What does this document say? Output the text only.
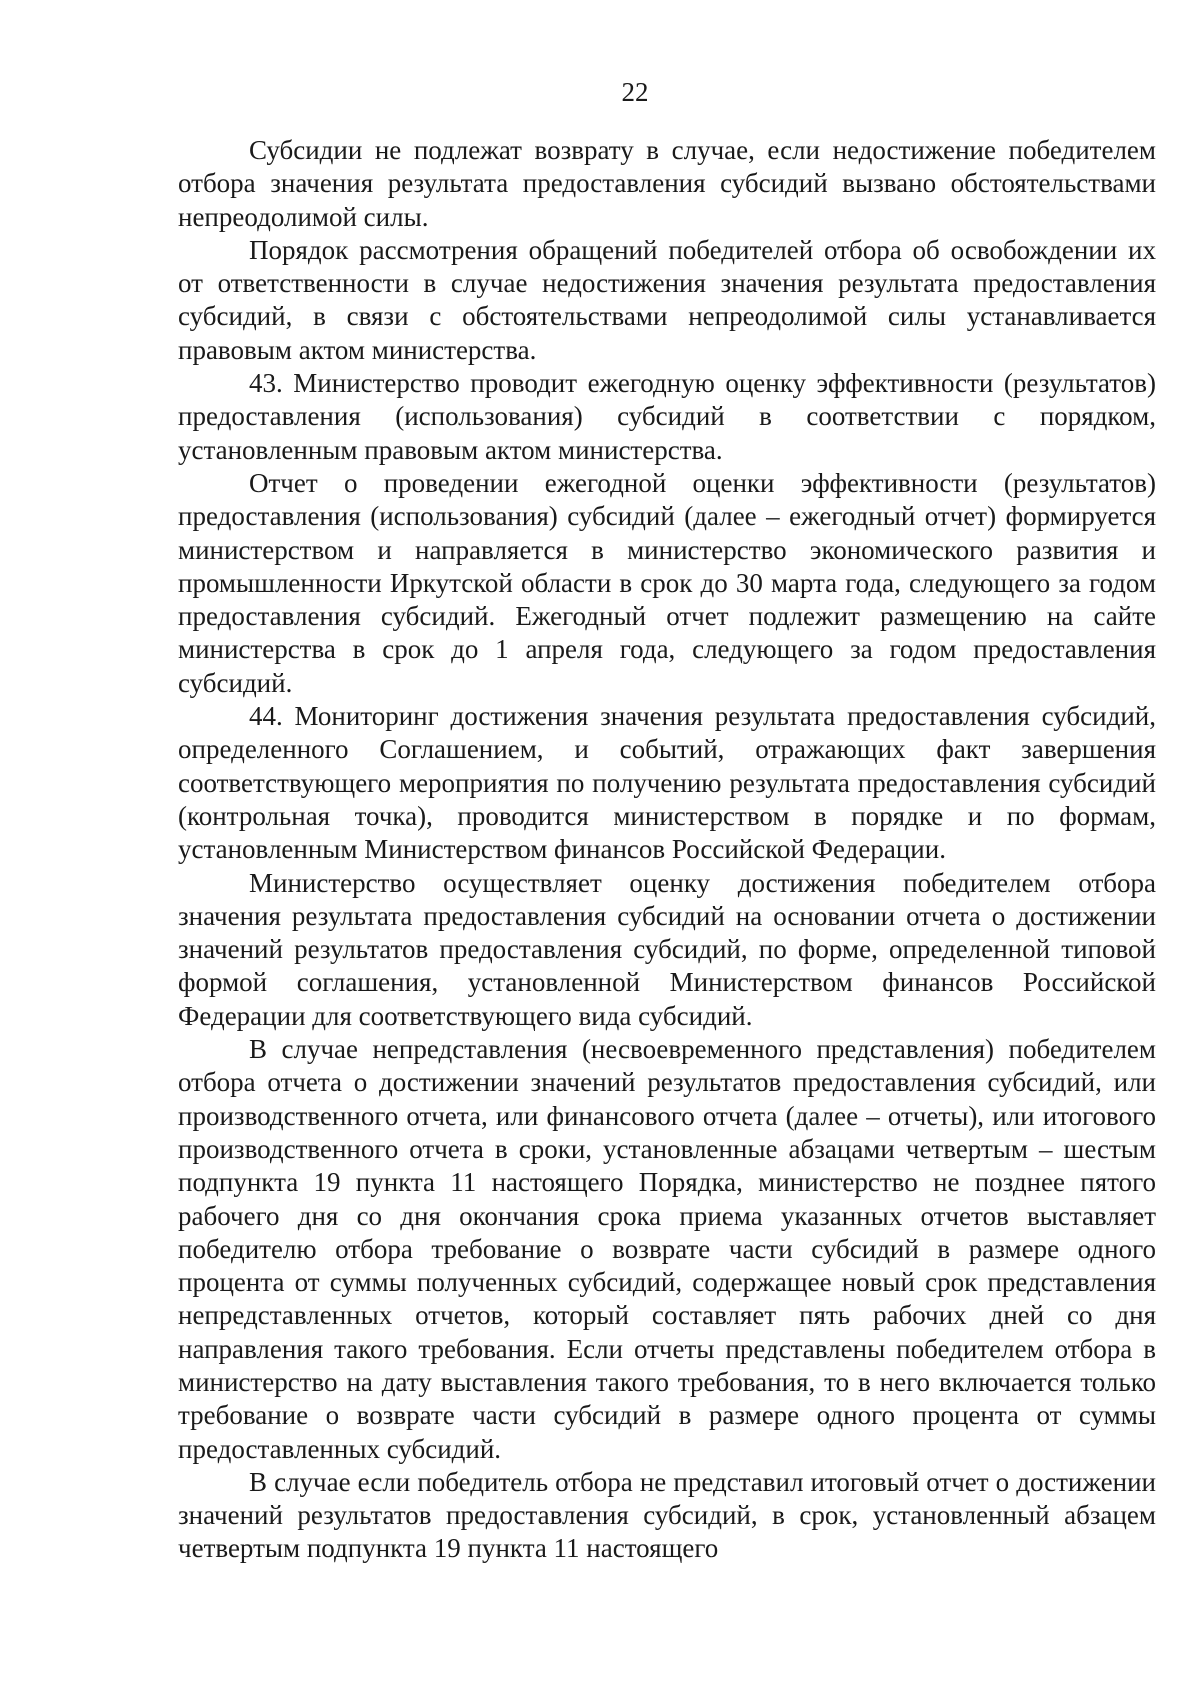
22

Субсидии не подлежат возврату в случае, если недостижение победителем отбора значения результата предоставления субсидий вызвано обстоятельствами непреодолимой силы.

Порядок рассмотрения обращений победителей отбора об освобождении их от ответственности в случае недостижения значения результата предоставления субсидий, в связи с обстоятельствами непреодолимой силы устанавливается правовым актом министерства.

43. Министерство проводит ежегодную оценку эффективности (результатов) предоставления (использования) субсидий в соответствии с порядком, установленным правовым актом министерства.

Отчет о проведении ежегодной оценки эффективности (результатов) предоставления (использования) субсидий (далее – ежегодный отчет) формируется министерством и направляется в министерство экономического развития и промышленности Иркутской области в срок до 30 марта года, следующего за годом предоставления субсидий. Ежегодный отчет подлежит размещению на сайте министерства в срок до 1 апреля года, следующего за годом предоставления субсидий.

44. Мониторинг достижения значения результата предоставления субсидий, определенного Соглашением, и событий, отражающих факт завершения соответствующего мероприятия по получению результата предоставления субсидий (контрольная точка), проводится министерством в порядке и по формам, установленным Министерством финансов Российской Федерации.

Министерство осуществляет оценку достижения победителем отбора значения результата предоставления субсидий на основании отчета о достижении значений результатов предоставления субсидий, по форме, определенной типовой формой соглашения, установленной Министерством финансов Российской Федерации для соответствующего вида субсидий.

В случае непредставления (несвоевременного представления) победителем отбора отчета о достижении значений результатов предоставления субсидий, или производственного отчета, или финансового отчета (далее – отчеты), или итогового производственного отчета в сроки, установленные абзацами четвертым – шестым подпункта 19 пункта 11 настоящего Порядка, министерство не позднее пятого рабочего дня со дня окончания срока приема указанных отчетов выставляет победителю отбора требование о возврате части субсидий в размере одного процента от суммы полученных субсидий, содержащее новый срок представления непредставленных отчетов, который составляет пять рабочих дней со дня направления такого требования. Если отчеты представлены победителем отбора в министерство на дату выставления такого требования, то в него включается только требование о возврате части субсидий в размере одного процента от суммы предоставленных субсидий.

В случае если победитель отбора не представил итоговый отчет о достижении значений результатов предоставления субсидий, в срок, установленный абзацем четвертым подпункта 19 пункта 11 настоящего
